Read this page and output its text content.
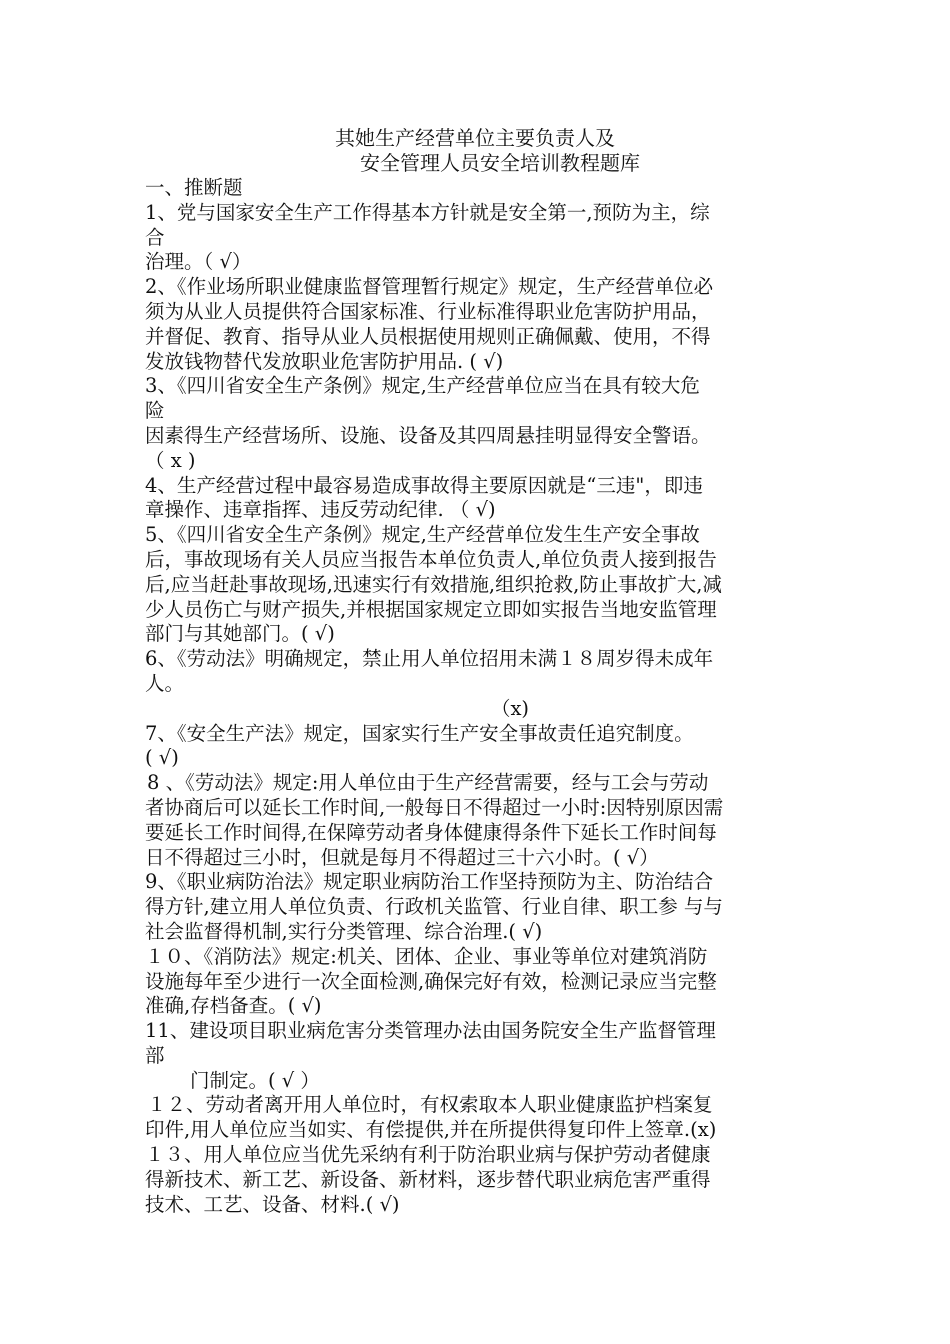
其她生产经营单位主要负责人及
安全管理人员安全培训教程题库
一、推断题
1、党与国家安全生产工作得基本方针就是安全第一,预防为主，综
合
治理。（ √）
2、《作业场所职业健康监督管理暂行规定》规定，生产经营单位必
须为从业人员提供符合国家标准、行业标准得职业危害防护用品，
并督促、教育、指导从业人员根据使用规则正确佩戴、使用，不得
发放钱物替代发放职业危害防护用品. ( √)
3、《四川省安全生产条例》规定,生产经营单位应当在具有较大危
险
因素得生产经营场所、设施、设备及其四周悬挂明显得安全警语。
（ x )
4、生产经营过程中最容易造成事故得主要原因就是“三违"，即违
章操作、违章指挥、违反劳动纪律. （ √)
5、《四川省安全生产条例》规定,生产经营单位发生生产安全事故
后，事故现场有关人员应当报告本单位负责人,单位负责人接到报告
后,应当赶赴事故现场,迅速实行有效措施,组织抢救,防止事故扩大,减
少人员伤亡与财产损失,并根据国家规定立即如实报告当地安监管理
部门与其她部门。( √)
6、《劳动法》明确规定，禁止用人单位招用未满１８周岁得未成年
人。
（x)
7、《安全生产法》规定，国家实行生产安全事故责任追究制度。
( √)
8 、《劳动法》规定:用人单位由于生产经营需要，经与工会与劳动
者协商后可以延长工作时间,一般每日不得超过一小时:因特别原因需
要延长工作时间得,在保障劳动者身体健康得条件下延长工作时间每
日不得超过三小时，但就是每月不得超过三十六小时。( √）
9、《职业病防治法》规定职业病防治工作坚持预防为主、防治结合
得方针,建立用人单位负责、行政机关监管、行业自律、职工参 与与
社会监督得机制,实行分类管理、综合治理.( √)
１０、《消防法》规定:机关、团体、企业、事业等单位对建筑消防
设施每年至少进行一次全面检测,确保完好有效，检测记录应当完整
准确,存档备查。( √)
11、建设项目职业病危害分类管理办法由国务院安全生产监督管理
部
门制定。( √ ）
１２、劳动者离开用人单位时，有权索取本人职业健康监护档案复
印件,用人单位应当如实、有偿提供,并在所提供得复印件上签章.(x)
１３、用人单位应当优先采纳有利于防治职业病与保护劳动者健康
得新技术、新工艺、新设备、新材料，逐步替代职业病危害严重得
技术、工艺、设备、材料.( √)
